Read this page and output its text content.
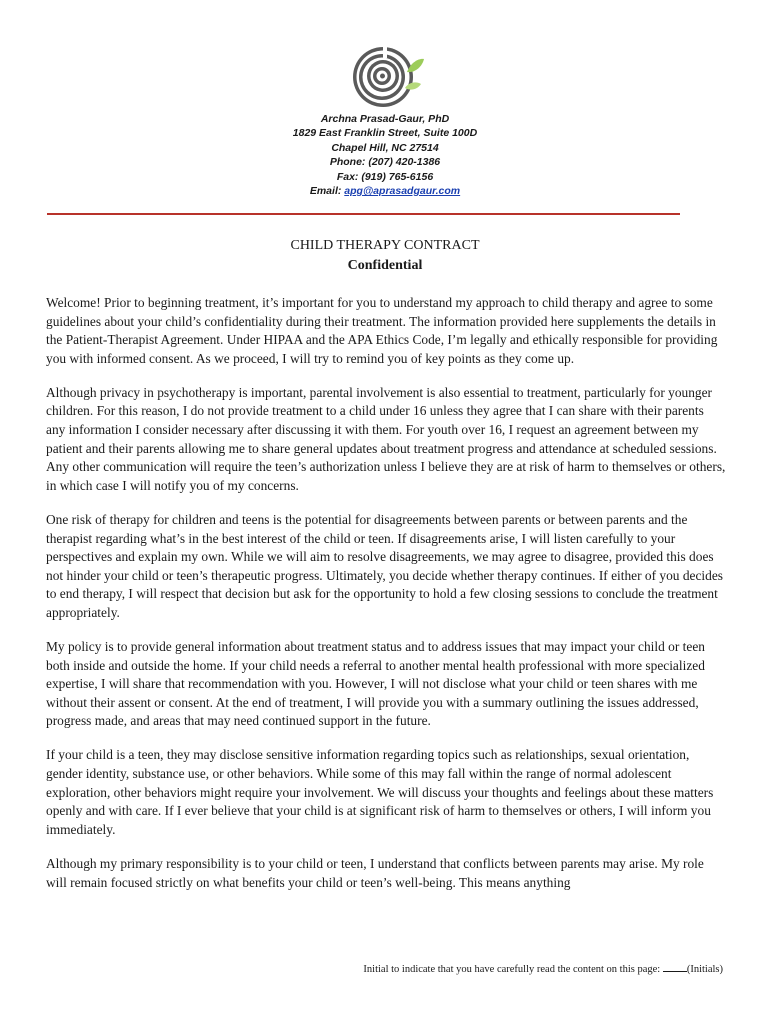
Archna Prasad-Gaur, PhD
1829 East Franklin Street, Suite 100D
Chapel Hill, NC 27514
Phone: (207) 420-1386
Fax: (919) 765-6156
Email: apg@aprasadgaur.com
CHILD THERAPY CONTRACT
Confidential

Welcome! Prior to beginning treatment, it’s important for you to understand my approach to child therapy and agree to some guidelines about your child’s confidentiality during their treatment. The information provided here supplements the details in the Patient-Therapist Agreement. Under HIPAA and the APA Ethics Code, I’m legally and ethically responsible for providing you with informed consent. As we proceed, I will try to remind you of key points as they come up.

Although privacy in psychotherapy is important, parental involvement is also essential to treatment, particularly for younger children. For this reason, I do not provide treatment to a child under 16 unless they agree that I can share with their parents any information I consider necessary after discussing it with them. For youth over 16, I request an agreement between my patient and their parents allowing me to share general updates about treatment progress and attendance at scheduled sessions. Any other communication will require the teen’s authorization unless I believe they are at risk of harm to themselves or others, in which case I will notify you of my concerns.

One risk of therapy for children and teens is the potential for disagreements between parents or between parents and the therapist regarding what’s in the best interest of the child or teen. If disagreements arise, I will listen carefully to your perspectives and explain my own. While we will aim to resolve disagreements, we may agree to disagree, provided this does not hinder your child or teen’s therapeutic progress. Ultimately, you decide whether therapy continues. If either of you decides to end therapy, I will respect that decision but ask for the opportunity to hold a few closing sessions to conclude the treatment appropriately.

My policy is to provide general information about treatment status and to address issues that may impact your child or teen both inside and outside the home. If your child needs a referral to another mental health professional with more specialized expertise, I will share that recommendation with you. However, I will not disclose what your child or teen shares with me without their assent or consent. At the end of treatment, I will provide you with a summary outlining the issues addressed, progress made, and areas that may need continued support in the future.

If your child is a teen, they may disclose sensitive information regarding topics such as relationships, sexual orientation, gender identity, substance use, or other behaviors. While some of this may fall within the range of normal adolescent exploration, other behaviors might require your involvement. We will discuss your thoughts and feelings about these matters openly and with care. If I ever believe that your child is at significant risk of harm to themselves or others, I will inform you immediately.

Although my primary responsibility is to your child or teen, I understand that conflicts between parents may arise. My role will remain focused strictly on what benefits your child or teen’s well-being. This means anything

Initial to indicate that you have carefully read the content on this page: (Initials)
